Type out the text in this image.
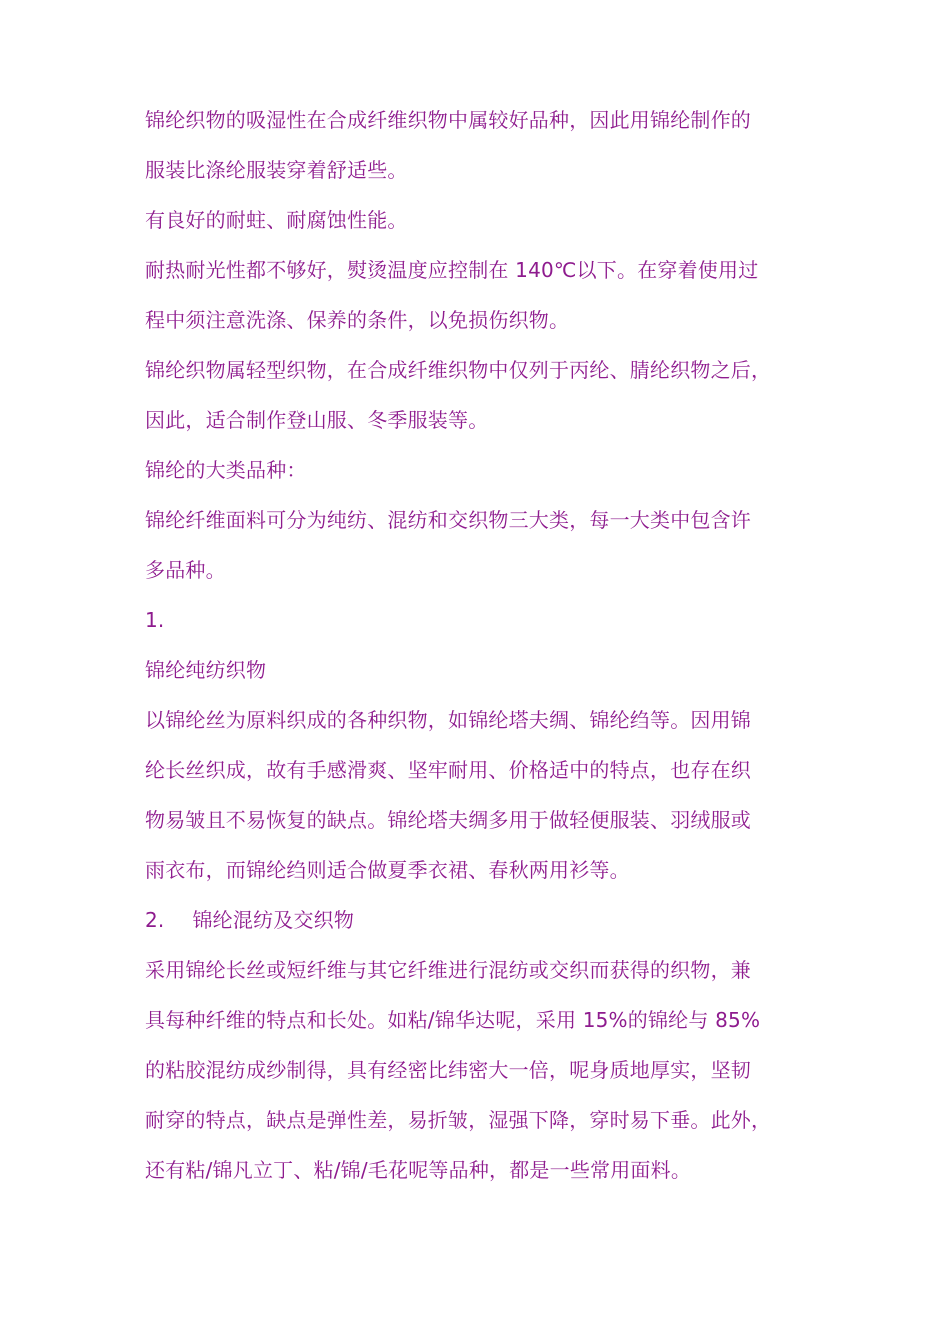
锦纶织物的吸湿性在合成纤维织物中属较好品种，因此用锦纶制作的
服装比涤纶服装穿着舒适些。
有良好的耐蛀、耐腐蚀性能。
耐热耐光性都不够好，熨烫温度应控制在 140℃以下。在穿着使用过
程中须注意洗涤、保养的条件，以免损伤织物。
锦纶织物属轻型织物，在合成纤维织物中仅列于丙纶、腈纶织物之后，
因此，适合制作登山服、冬季服装等。
锦纶的大类品种：
锦纶纤维面料可分为纯纺、混纺和交织物三大类，每一大类中包含许
多品种。
1.
锦纶纯纺织物
以锦纶丝为原料织成的各种织物，如锦纶塔夫绸、锦纶绉等。因用锦
纶长丝织成，故有手感滑爽、坚牢耐用、价格适中的特点，也存在织
物易皱且不易恢复的缺点。锦纶塔夫绸多用于做轻便服装、羽绒服或
雨衣布，而锦纶绉则适合做夏季衣裙、春秋两用衫等。
2. 锦纶混纺及交织物
采用锦纶长丝或短纤维与其它纤维进行混纺或交织而获得的织物，兼
具每种纤维的特点和长处。如粘/锦华达呢，采用 15%的锦纶与 85%
的粘胶混纺成纱制得，具有经密比纬密大一倍，呢身质地厚实，坚韧
耐穿的特点，缺点是弹性差，易折皱，湿强下降，穿时易下垂。此外，
还有粘/锦凡立丁、粘/锦/毛花呢等品种，都是一些常用面料。
